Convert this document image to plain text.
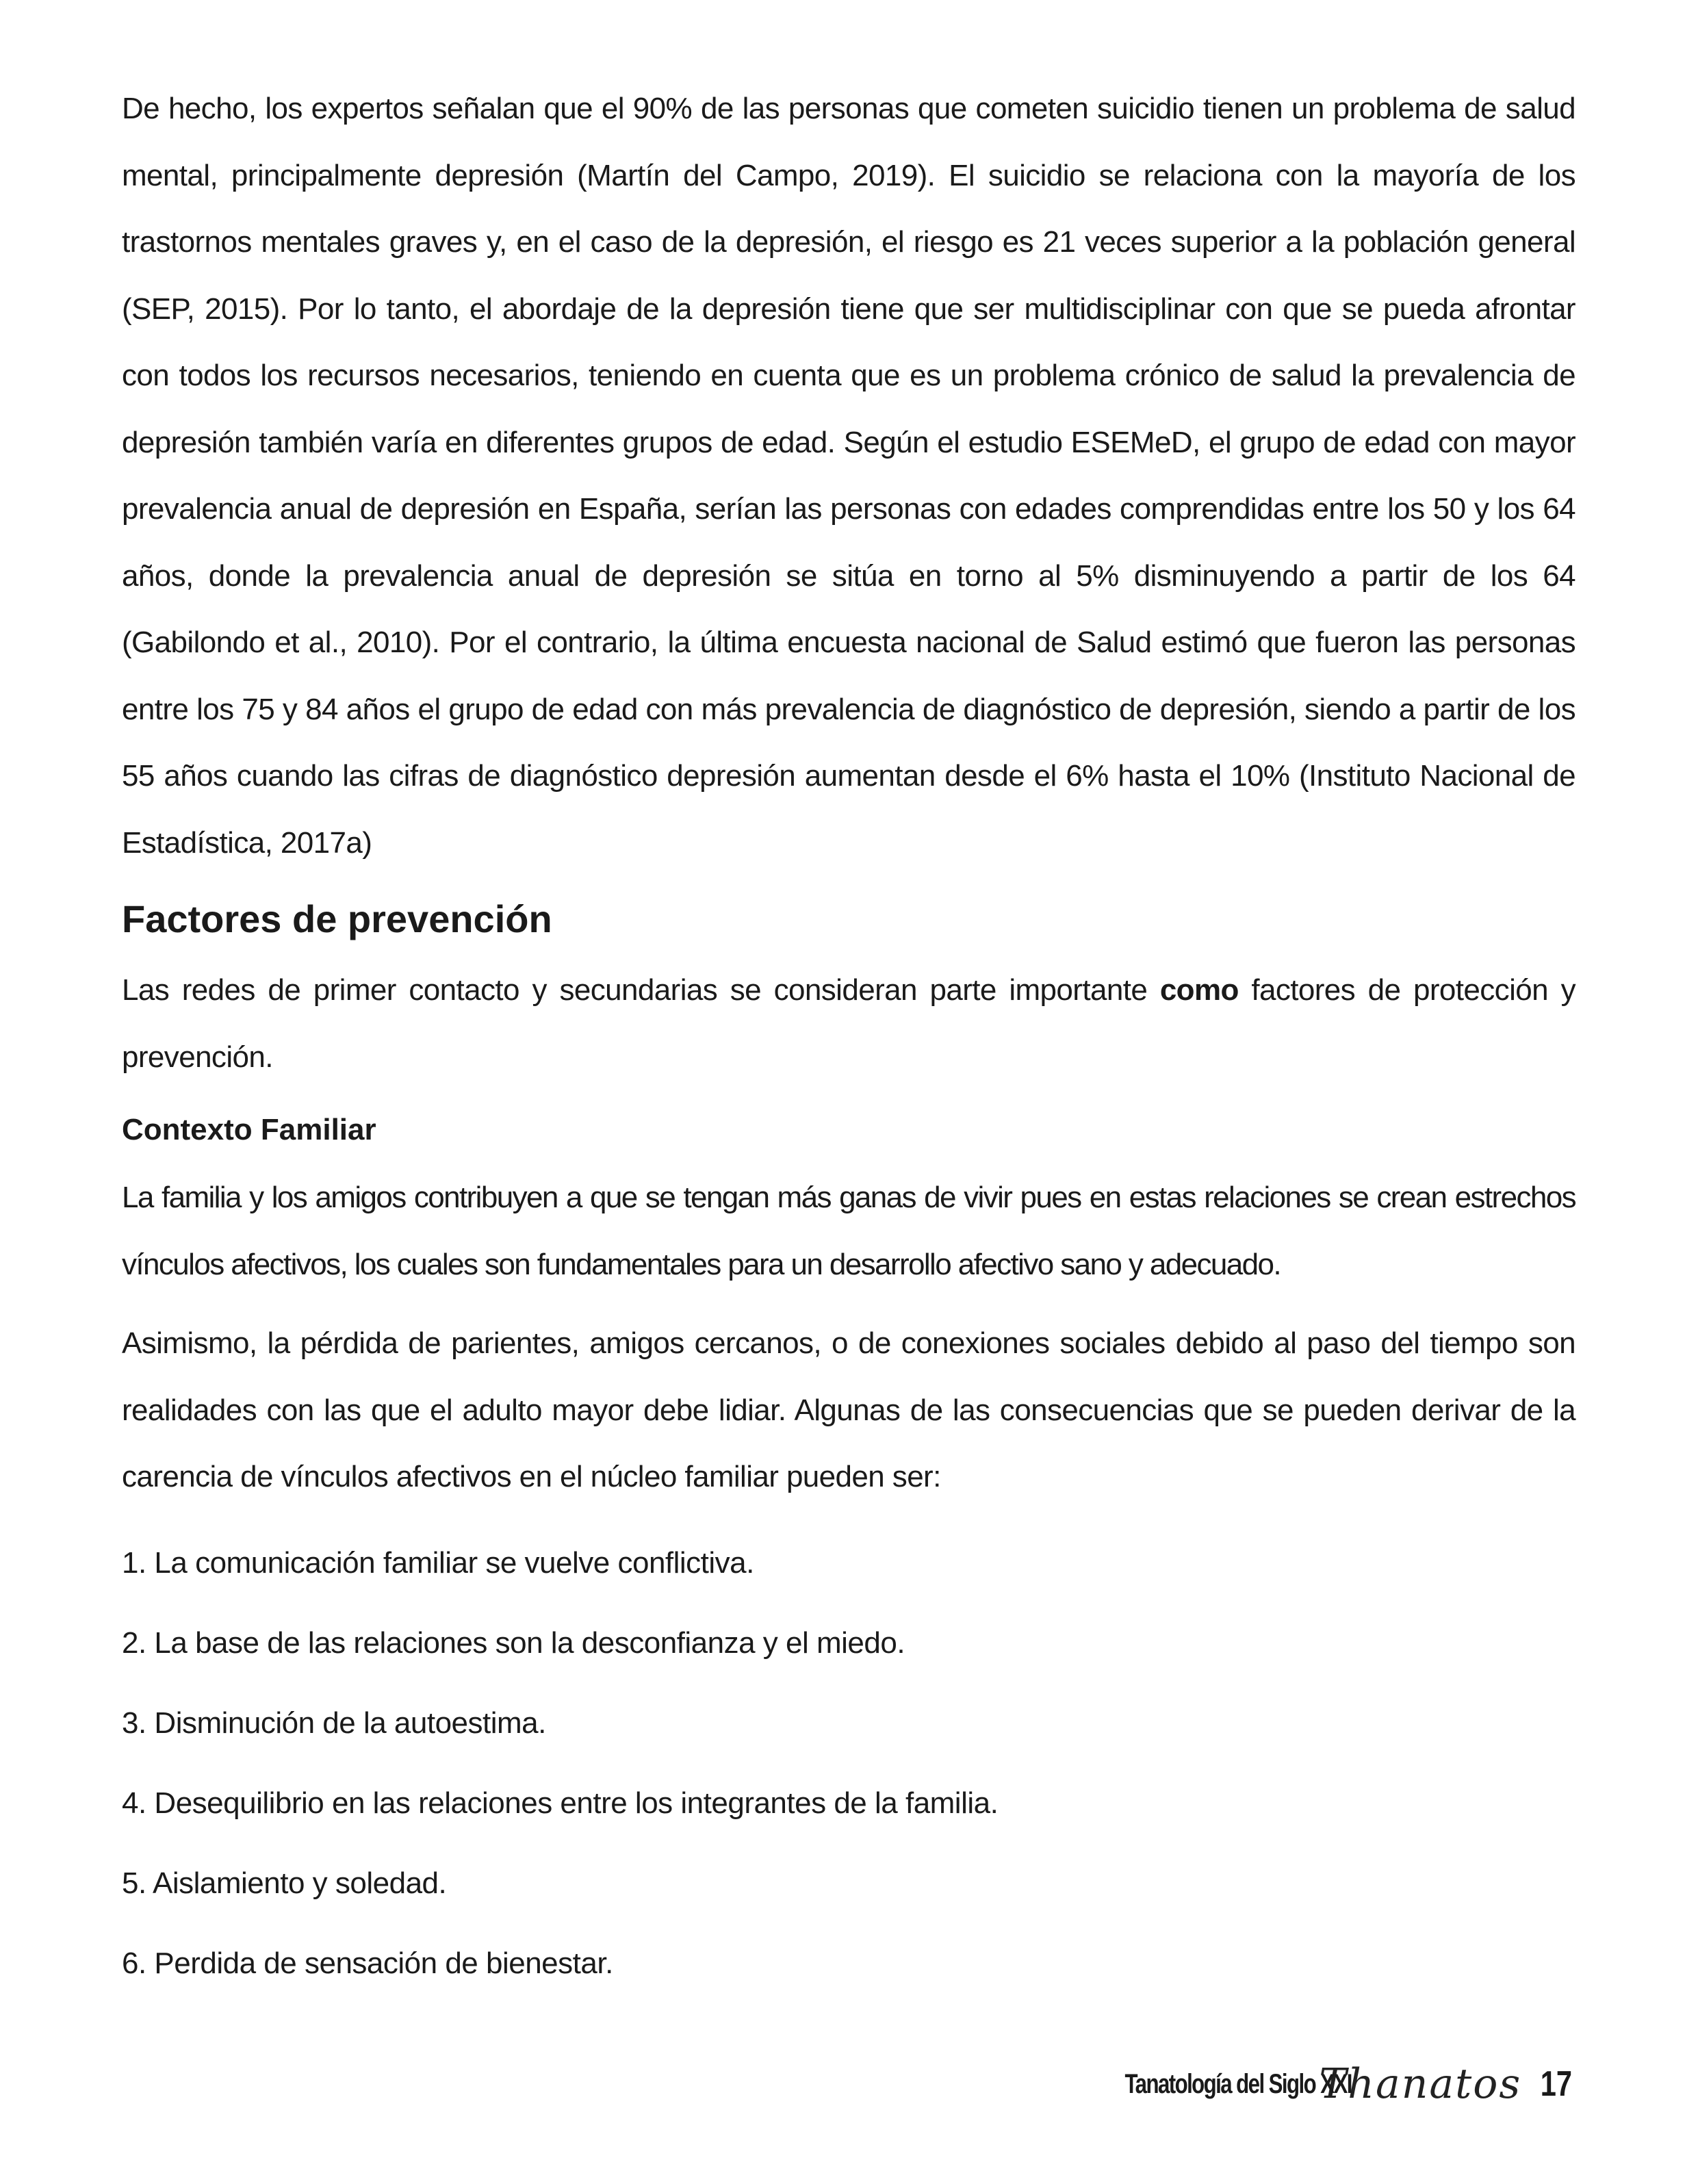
De hecho, los expertos señalan que el 90% de las personas que cometen suicidio tienen un problema de salud mental, principalmente depresión (Martín del Campo, 2019). El suicidio se relaciona con la mayoría de los trastornos mentales graves y, en el caso de la depresión, el riesgo es 21 veces superior a la población general (SEP, 2015). Por lo tanto, el abordaje de la depresión tiene que ser multidisciplinar con que se pueda afrontar con todos los recursos necesarios, teniendo en cuenta que es un problema crónico de salud la prevalencia de depresión también varía en diferentes grupos de edad. Según el estudio ESEMeD, el grupo de edad con mayor prevalencia anual de depresión en España, serían las personas con edades comprendidas entre los 50 y los 64 años, donde la prevalencia anual de depresión se sitúa en torno al 5% disminuyendo a partir de los 64 (Gabilondo et al., 2010). Por el contrario, la última encuesta nacional de Salud estimó que fueron las personas entre los 75 y 84 años el grupo de edad con más prevalencia de diagnóstico de depresión, siendo a partir de los 55 años cuando las cifras de diagnóstico depresión aumentan desde el 6% hasta el 10% (Instituto Nacional de Estadística, 2017a)

Factores de prevención

Las redes de primer contacto y secundarias se consideran parte importante como factores de protección y prevención.

Contexto Familiar

La familia y los amigos contribuyen a que se tengan más ganas de vivir pues en estas relaciones se crean estrechos vínculos afectivos, los cuales son fundamentales para un desarrollo afectivo sano y adecuado.

Asimismo, la pérdida de parientes, amigos cercanos, o de conexiones sociales debido al paso del tiempo son realidades con las que el adulto mayor debe lidiar. Algunas de las consecuencias que se pueden derivar de la carencia de vínculos afectivos en el núcleo familiar pueden ser:

1. La comunicación familiar se vuelve conflictiva.
2. La base de las relaciones son la desconfianza y el miedo.
3. Disminución de la autoestima.
4. Desequilibrio en las relaciones entre los integrantes de la familia.
5. Aislamiento y soledad.
6. Perdida de sensación de bienestar.
Tanatología del Siglo XXI
Thanatos 17
